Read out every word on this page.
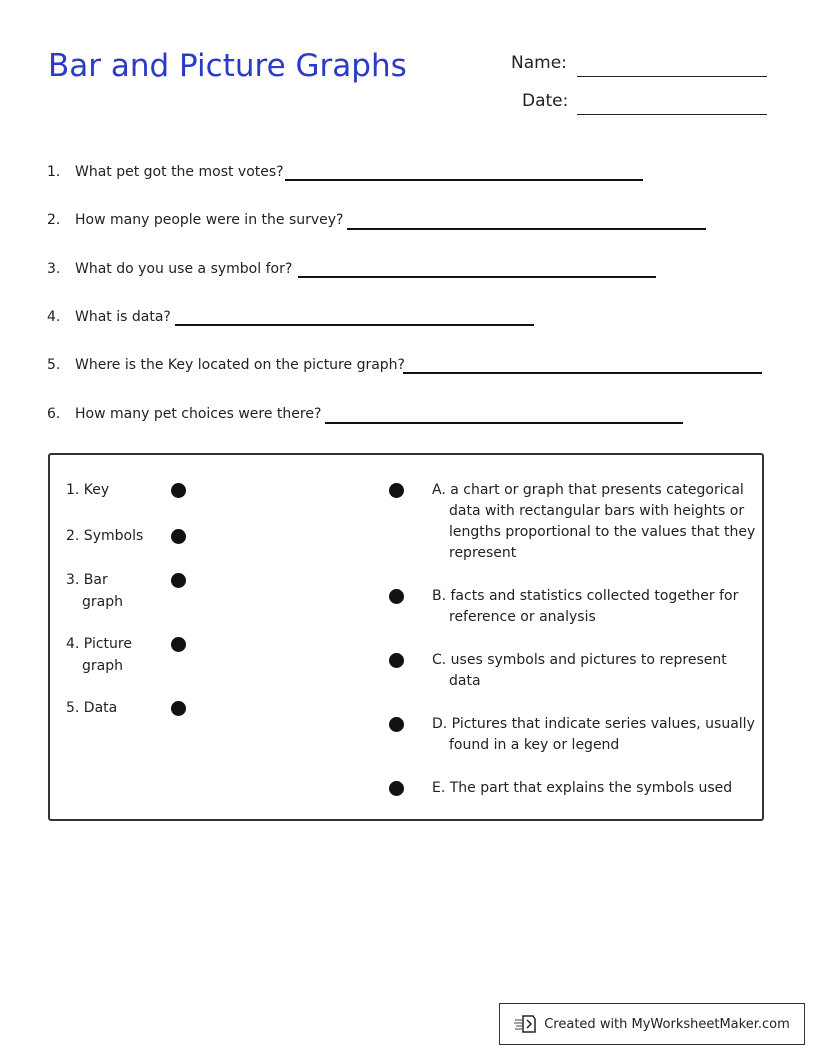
Bar and Picture Graphs	Name:
Date:
1. What pet got the most votes?
2. How many people were in the survey?
3. What do you use a symbol for?
4. What is data?
5. Where is the Key located on the picture graph?
6. How many pet choices were there?
1. Key
2. Symbols
3. Bar
graph
4. Picture
graph
5. Data
A. a chart or graph that presents categorical
data with rectangular bars with heights or
lengths proportional to the values that they
represent
B. facts and statistics collected together for
reference or analysis
C. uses symbols and pictures to represent
data
D. Pictures that indicate series values, usually
found in a key or legend
E. The part that explains the symbols used
Created with MyWorksheetMaker.com
